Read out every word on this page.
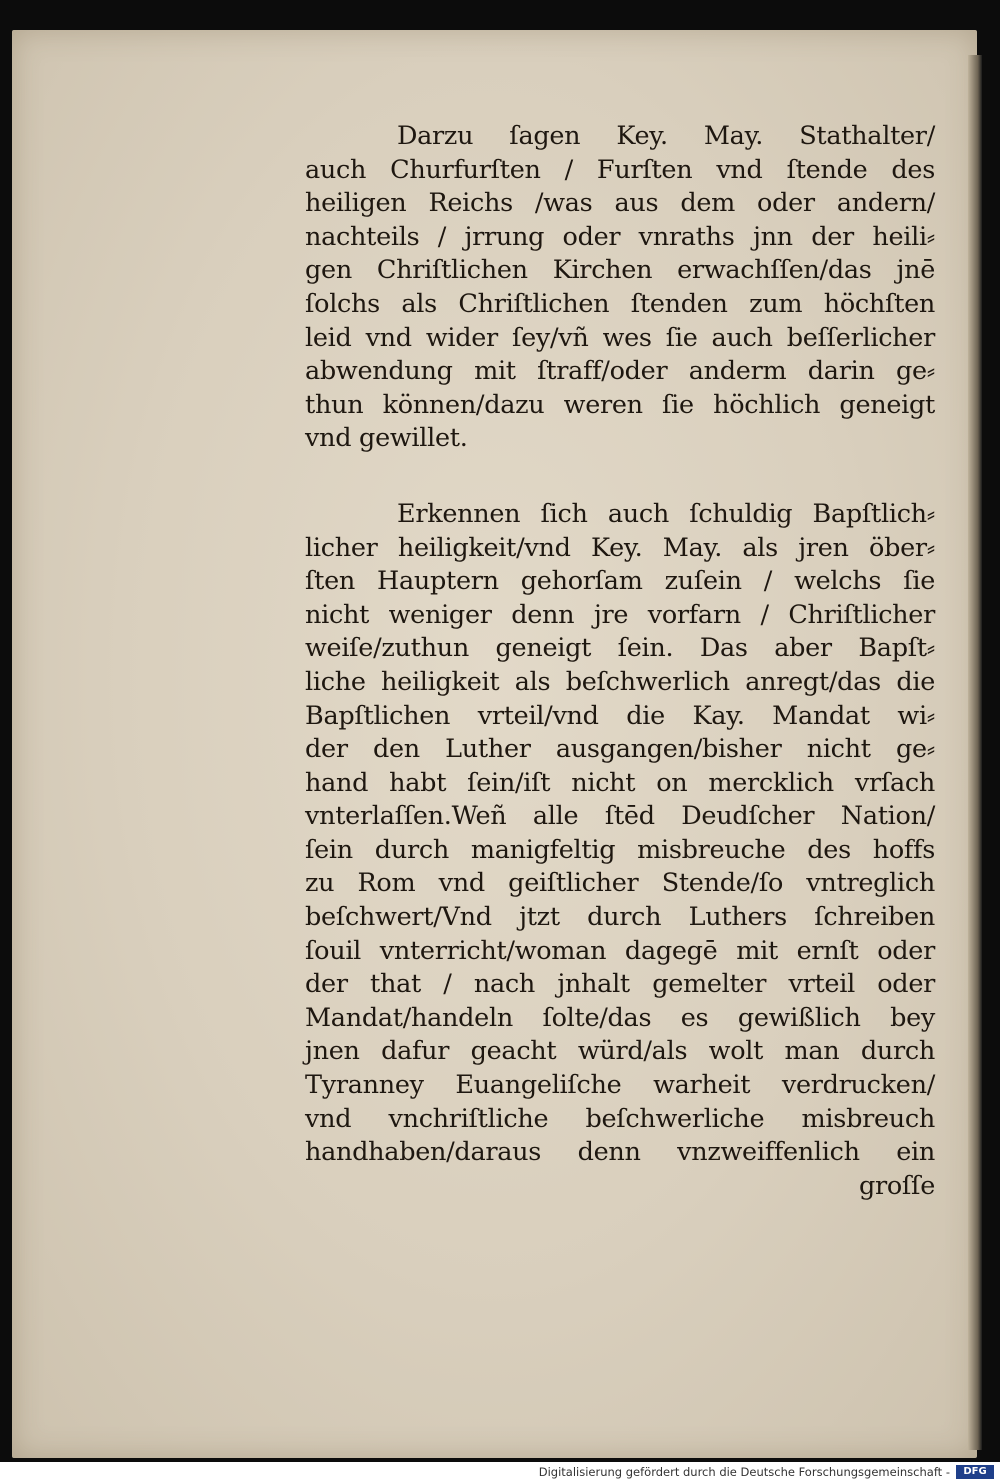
Darzu ſagen Key. May. Stathalter/
auch Churfurſten / Furſten vnd ſtende des
heiligen Reichs /was aus dem oder andern/
nachteils / jrrung oder vnraths jnn der heili⸗
gen Chriſtlichen Kirchen erwachſſen/das jnē
ſolchs als Chriſtlichen ſtenden zum höchſten
leid vnd wider ſey/vñ wes ſie auch beſſerlicher
abwendung mit ſtraff/oder anderm darin ge⸗
thun können/dazu weren ſie höchlich geneigt
vnd gewillet.
Erkennen ſich auch ſchuldig Bapſtlich⸗
licher heiligkeit/vnd Key. May. als jren öber⸗
ſten Hauptern gehorſam zuſein / welchs ſie
nicht weniger denn jre vorfarn / Chriſtlicher
weiſe/zuthun geneigt ſein. Das aber Bapſt⸗
liche heiligkeit als beſchwerlich anregt/das die
Bapſtlichen vrteil/vnd die Kay. Mandat wi⸗
der den Luther ausgangen/bisher nicht ge⸗
hand habt ſein/iſt nicht on mercklich vrſach
vnterlaſſen.Weñ alle ſtēd Deudſcher Nation/
ſein durch manigfeltig misbreuche des hoffs
zu Rom vnd geiſtlicher Stende/ſo vntreglich
beſchwert/Vnd jtzt durch Luthers ſchreiben
ſouil vnterricht/woman dagegē mit ernſt oder
der that / nach jnhalt gemelter vrteil oder
Mandat/handeln ſolte/das es gewißlich bey
jnen dafur geacht würd/als wolt man durch
Tyranney Euangeliſche warheit verdrucken/
vnd vnchriſtliche beſchwerliche misbreuch
handhaben/daraus denn vnzweiffenlich ein
groſſe
Digitalisierung gefördert durch die Deutsche Forschungsgemeinschaft -	DFG
